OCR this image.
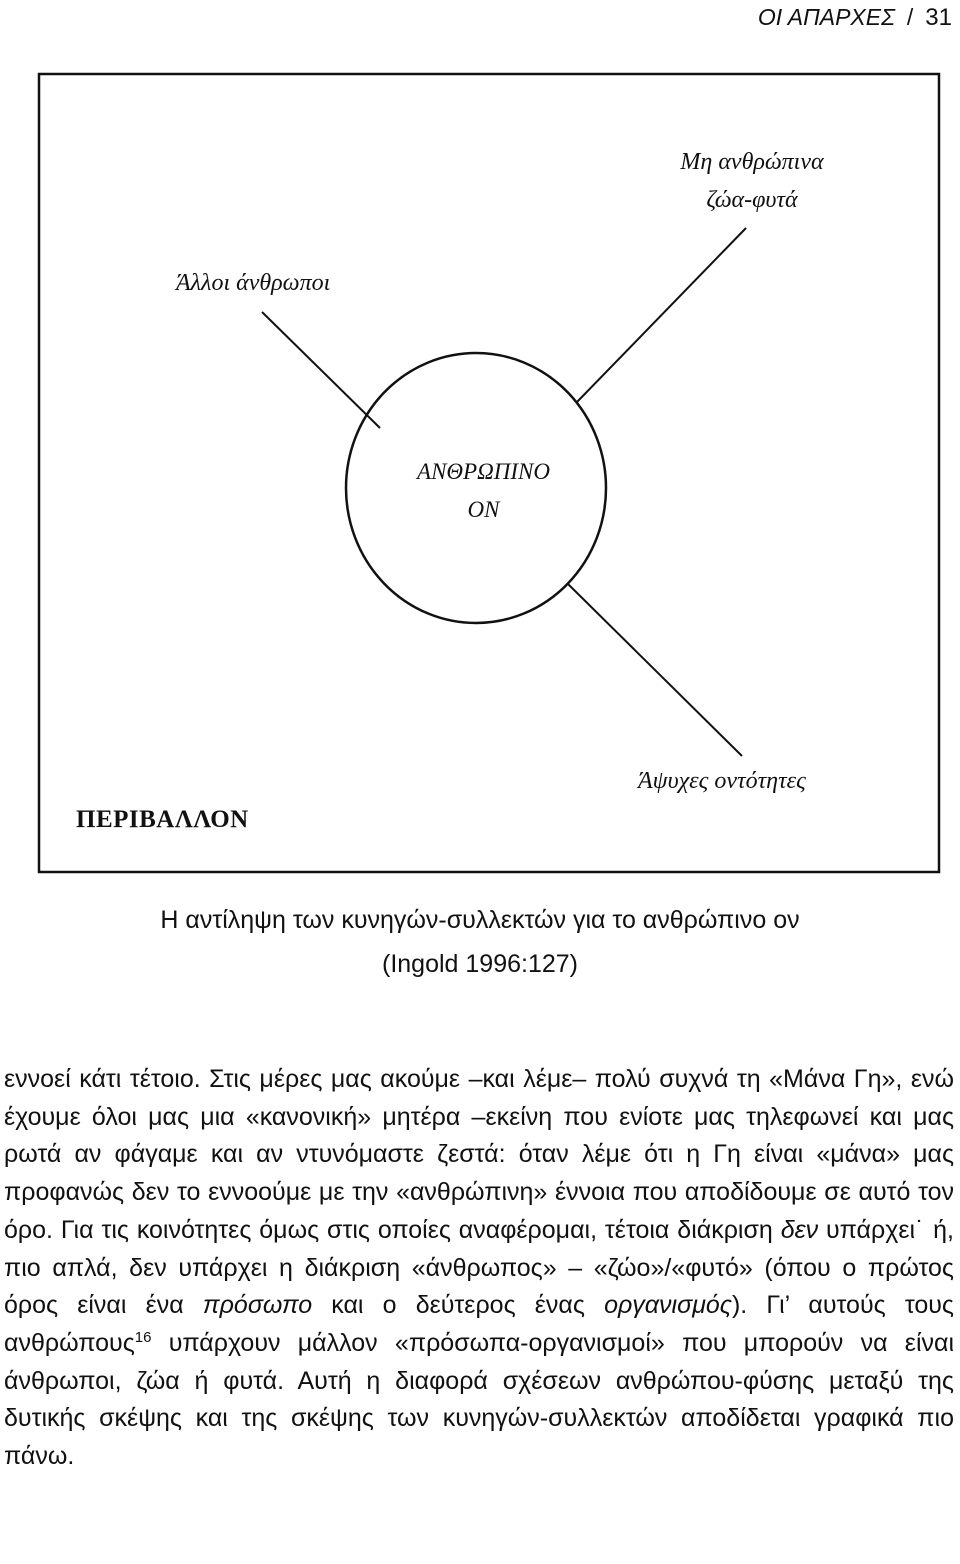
ΟΙ ΑΠΑΡΧΕΣ / 31
Μη ανθρώπινα
ζώα-φυτά
Άλλοι άνθρωποι
ΑΝΘΡΩΠΙΝΟ
ΟΝ
Άψυχες οντότητες
ΠΕΡΙΒΑΛΛΟΝ
Η αντίληψη των κυνηγών-συλλεκτών για το ανθρώπινο ον
(Ingold 1996:127)

εννοεί κάτι τέτοιο. Στις μέρες μας ακούμε –και λέμε– πολύ συχνά τη «Μάνα Γη», ενώ έχουμε όλοι μας μια «κανονική» μητέρα –εκείνη που ενίοτε μας τηλεφωνεί και μας ρωτά αν φάγαμε και αν ντυνόμαστε ζεστά: όταν λέμε ότι η Γη είναι «μάνα» μας προφανώς δεν το εννοούμε με την «ανθρώπινη» έννοια που αποδίδουμε σε αυτό τον όρο. Για τις κοινότητες όμως στις οποίες αναφέρομαι, τέτοια διάκριση δεν υπάρχει˙ ή, πιο απλά, δεν υπάρχει η διάκριση «άνθρωπος» – «ζώο»/«φυτό» (όπου ο πρώτος όρος είναι ένα πρόσωπο και ο δεύτερος ένας οργανισμός). Γι’ αυτούς τους ανθρώπους$^{16}$ υπάρχουν μάλλον «πρόσωπα-οργανισμοί» που μπορούν να είναι άνθρωποι, ζώα ή φυτά. Αυτή η διαφορά σχέσεων ανθρώπου-φύσης μεταξύ της δυτικής σκέψης και της σκέψης των κυνηγών-συλλεκτών αποδίδεται γραφικά πιο πάνω.
